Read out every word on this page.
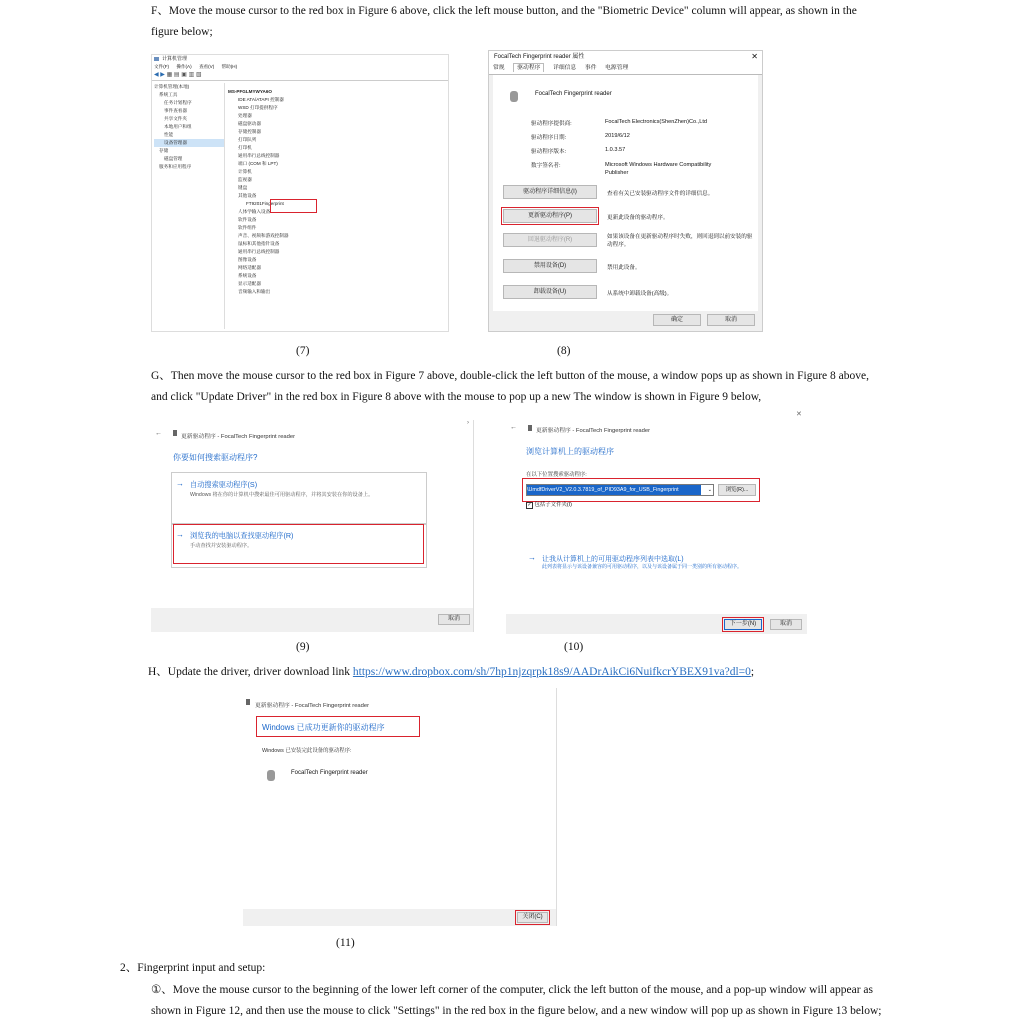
F、Move the mouse cursor to the red box in Figure 6 above, click the left mouse button, and the "Biometric Device" column will appear, as shown in the
figure below;
计算机管理
文件(F) 操作(A) 查看(V) 帮助(H)
◀ ▶ ▦ ▤ ▣ ▥ ▧
计算机管理(本地)
系统工具
任务计划程序
事件查看器
共享文件夹
本地用户和组
性能
设备管理器
存储
磁盘管理
服务和应用程序
MS-PFGLMYWYA6O
IDE ATA/ATAPI 控制器
WSD 打印提供程序
处理器
磁盘驱动器
存储控制器
打印队列
打印机
通用串行总线控制器
端口 (COM 和 LPT)
计算机
监视器
键盘
其他设备
FT9201Fingerprint
人体学输入设备
软件设备
软件组件
声音、视频和游戏控制器
鼠标和其他指针设备
通用串行总线控制器
图像设备
网络适配器
系统设备
显示适配器
音频输入和输出
FocalTech Fingerprint reader 属性	✕
常规 驱动程序 详细信息 事件 电源管理
FocalTech Fingerprint reader
驱动程序提供商:	FocalTech Electronics(ShenZhen)Co.,Ltd
驱动程序日期:	2019/6/12
驱动程序版本:	1.0.3.57
数字签名者:	Microsoft Windows Hardware Compatibility Publisher
驱动程序详细信息(I)	查看有关已安装驱动程序文件的详细信息。
更新驱动程序(P)	更新此设备的驱动程序。
回退驱动程序(R)	如果该设备在更新驱动程序时失败，则回退到以前安装的驱动程序。
禁用设备(D)	禁用此设备。
卸载设备(U)	从系统中卸载设备(高级)。
确定	取消
(7)	(8)
G、Then move the mouse cursor to the red box in Figure 7 above, double-click the left button of the mouse, a window pops up as shown in Figure 8 above,
and click "Update Driver" in the red box in Figure 8 above with the mouse to pop up a new The window is shown in Figure 9 below,
←	更新驱动程序 - FocalTech Fingerprint reader
›
你要如何搜索驱动程序?
→ 自动搜索驱动程序(S)
Windows 将在你的计算机中搜索最佳可用驱动程序，并将其安装在你的设备上。
→ 浏览我的电脑以查找驱动程序(R)
手动查找并安装驱动程序。
取消
✕
←	更新驱动程序 - FocalTech Fingerprint reader
浏览计算机上的驱动程序
在以下位置搜索驱动程序:
\UmdfDriverV2_V2.0.3.7819_of_PID93A9_for_USB_Fingerprint	⌄	浏览(R)...
✓ 包括子文件夹(I)
→ 让我从计算机上的可用驱动程序列表中选取(L)
此列表将显示与该设备兼容的可用驱动程序，以及与该设备属于同一类别的所有驱动程序。
下一步(N)	取消
(9)	(10)
H、Update the driver, driver download link https://www.dropbox.com/sh/7hp1njzqrpk18s9/AADrAikCi6NuifkcrYBEX91va?dl=0;
更新驱动程序 - FocalTech Fingerprint reader
Windows 已成功更新你的驱动程序
Windows 已安装完此设备的驱动程序:
FocalTech Fingerprint reader
关闭(C)
(11)
2、Fingerprint input and setup:
①、Move the mouse cursor to the beginning of the lower left corner of the computer, click the left button of the mouse, and a pop-up window will appear as
shown in Figure 12, and then use the mouse to click "Settings" in the red box in the figure below, and a new window will pop up as shown in Figure 13 below;
